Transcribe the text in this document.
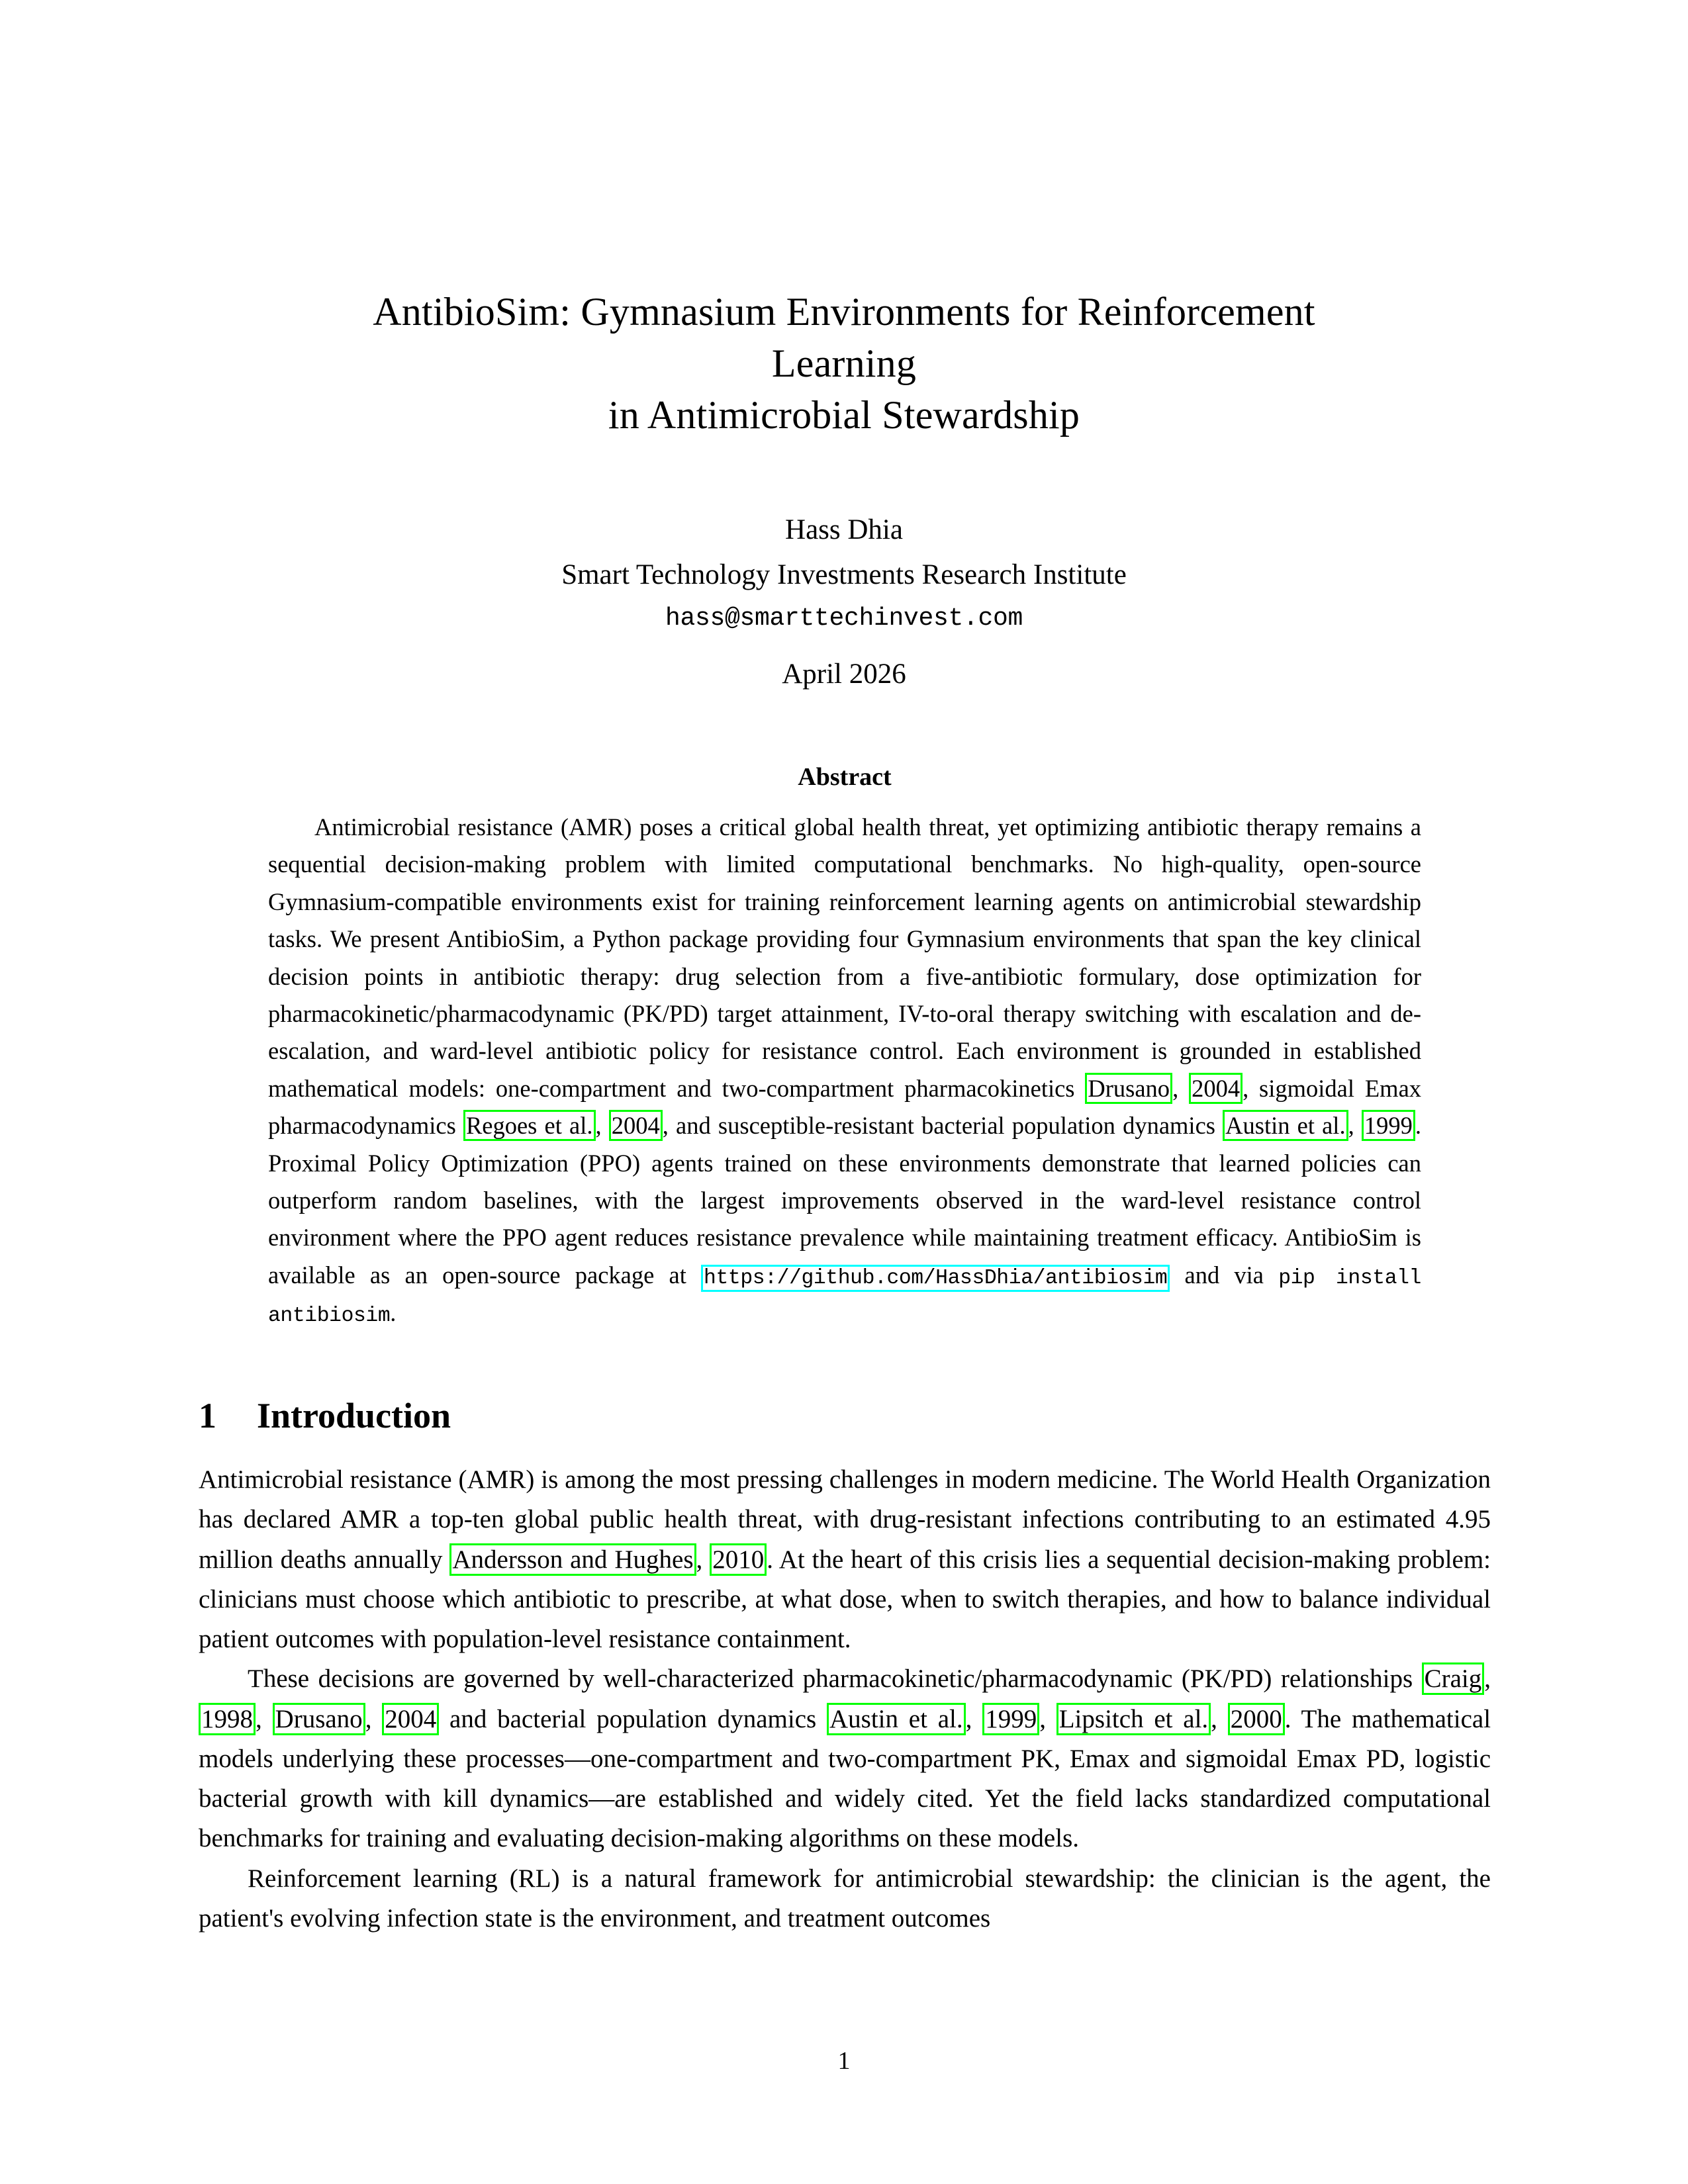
AntibioSim: Gymnasium Environments for Reinforcement
Learning
in Antimicrobial Stewardship

Hass Dhia

Smart Technology Investments Research Institute

hass@smarttechinvest.com

April 2026
Abstract

Antimicrobial resistance (AMR) poses a critical global health threat, yet optimizing antibiotic therapy remains a sequential decision-making problem with limited computational benchmarks. No high-quality, open-source Gymnasium-compatible environments exist for training reinforcement learning agents on antimicrobial stewardship tasks. We present AntibioSim, a Python package providing four Gymnasium environments that span the key clinical decision points in antibiotic therapy: drug selection from a five-antibiotic formulary, dose optimization for pharmacokinetic/pharmacodynamic (PK/PD) target attainment, IV-to-oral therapy switching with escalation and de-escalation, and ward-level antibiotic policy for resistance control. Each environment is grounded in established mathematical models: one-compartment and two-compartment pharmacokinetics Drusano , 2004 , sigmoidal Emax pharmacodynamics Regoes et al. , 2004 , and susceptible-resistant bacterial population dynamics Austin et al. , 1999 . Proximal Policy Optimization (PPO) agents trained on these environments demonstrate that learned policies can outperform random baselines, with the largest improvements observed in the ward-level resistance control environment where the PPO agent reduces resistance prevalence while maintaining treatment efficacy. AntibioSim is available as an open-source package at https://github.com/HassDhia/antibiosim and via pip install antibiosim.

1 Introduction

Antimicrobial resistance (AMR) is among the most pressing challenges in modern medicine. The World Health Organization has declared AMR a top-ten global public health threat, with drug-resistant infections contributing to an estimated 4.95 million deaths annually Andersson and Hughes , 2010 . At the heart of this crisis lies a sequential decision-making problem: clinicians must choose which antibiotic to prescribe, at what dose, when to switch therapies, and how to balance individual patient outcomes with population-level resistance containment.

These decisions are governed by well-characterized pharmacokinetic/pharmacodynamic (PK/PD) relationships Craig , 1998 , Drusano , 2004 and bacterial population dynamics Austin et al. , 1999 , Lipsitch et al. , 2000 . The mathematical models underlying these processes—one-compartment and two-compartment PK, Emax and sigmoidal Emax PD, logistic bacterial growth with kill dynamics—are established and widely cited. Yet the field lacks standardized computational benchmarks for training and evaluating decision-making algorithms on these models.

Reinforcement learning (RL) is a natural framework for antimicrobial stewardship: the clinician is the agent, the patient's evolving infection state is the environment, and treatment outcomes

1
